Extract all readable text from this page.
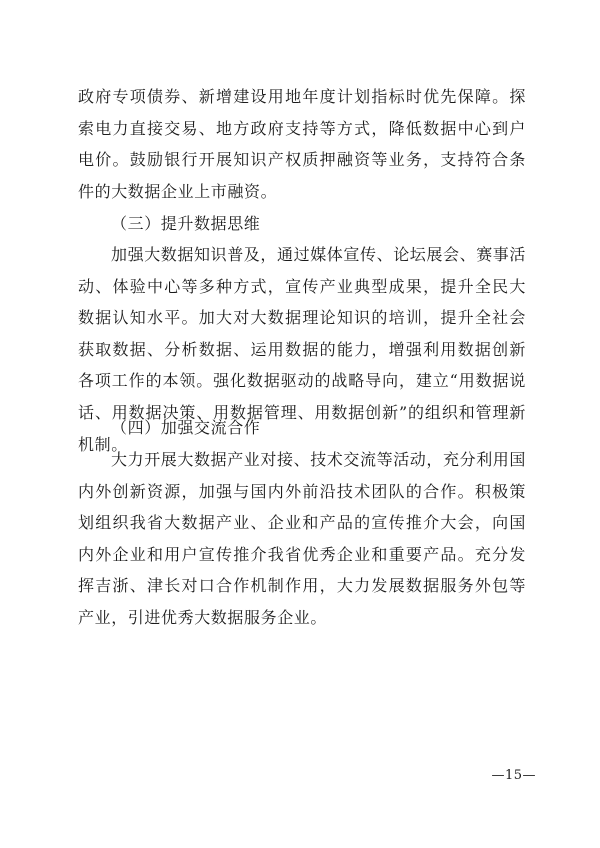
政府专项债券、新增建设用地年度计划指标时优先保障。探索电力直接交易、地方政府支持等方式，降低数据中心到户电价。鼓励银行开展知识产权质押融资等业务，支持符合条件的大数据企业上市融资。

（三）提升数据思维

加强大数据知识普及，通过媒体宣传、论坛展会、赛事活动、体验中心等多种方式，宣传产业典型成果，提升全民大数据认知水平。加大对大数据理论知识的培训，提升全社会获取数据、分析数据、运用数据的能力，增强利用数据创新各项工作的本领。强化数据驱动的战略导向，建立“用数据说话、用数据决策、用数据管理、用数据创新”的组织和管理新机制。

（四）加强交流合作

大力开展大数据产业对接、技术交流等活动，充分利用国内外创新资源，加强与国内外前沿技术团队的合作。积极策划组织我省大数据产业、企业和产品的宣传推介大会，向国内外企业和用户宣传推介我省优秀企业和重要产品。充分发挥吉浙、津长对口合作机制作用，大力发展数据服务外包等产业，引进优秀大数据服务企业。

—15—
